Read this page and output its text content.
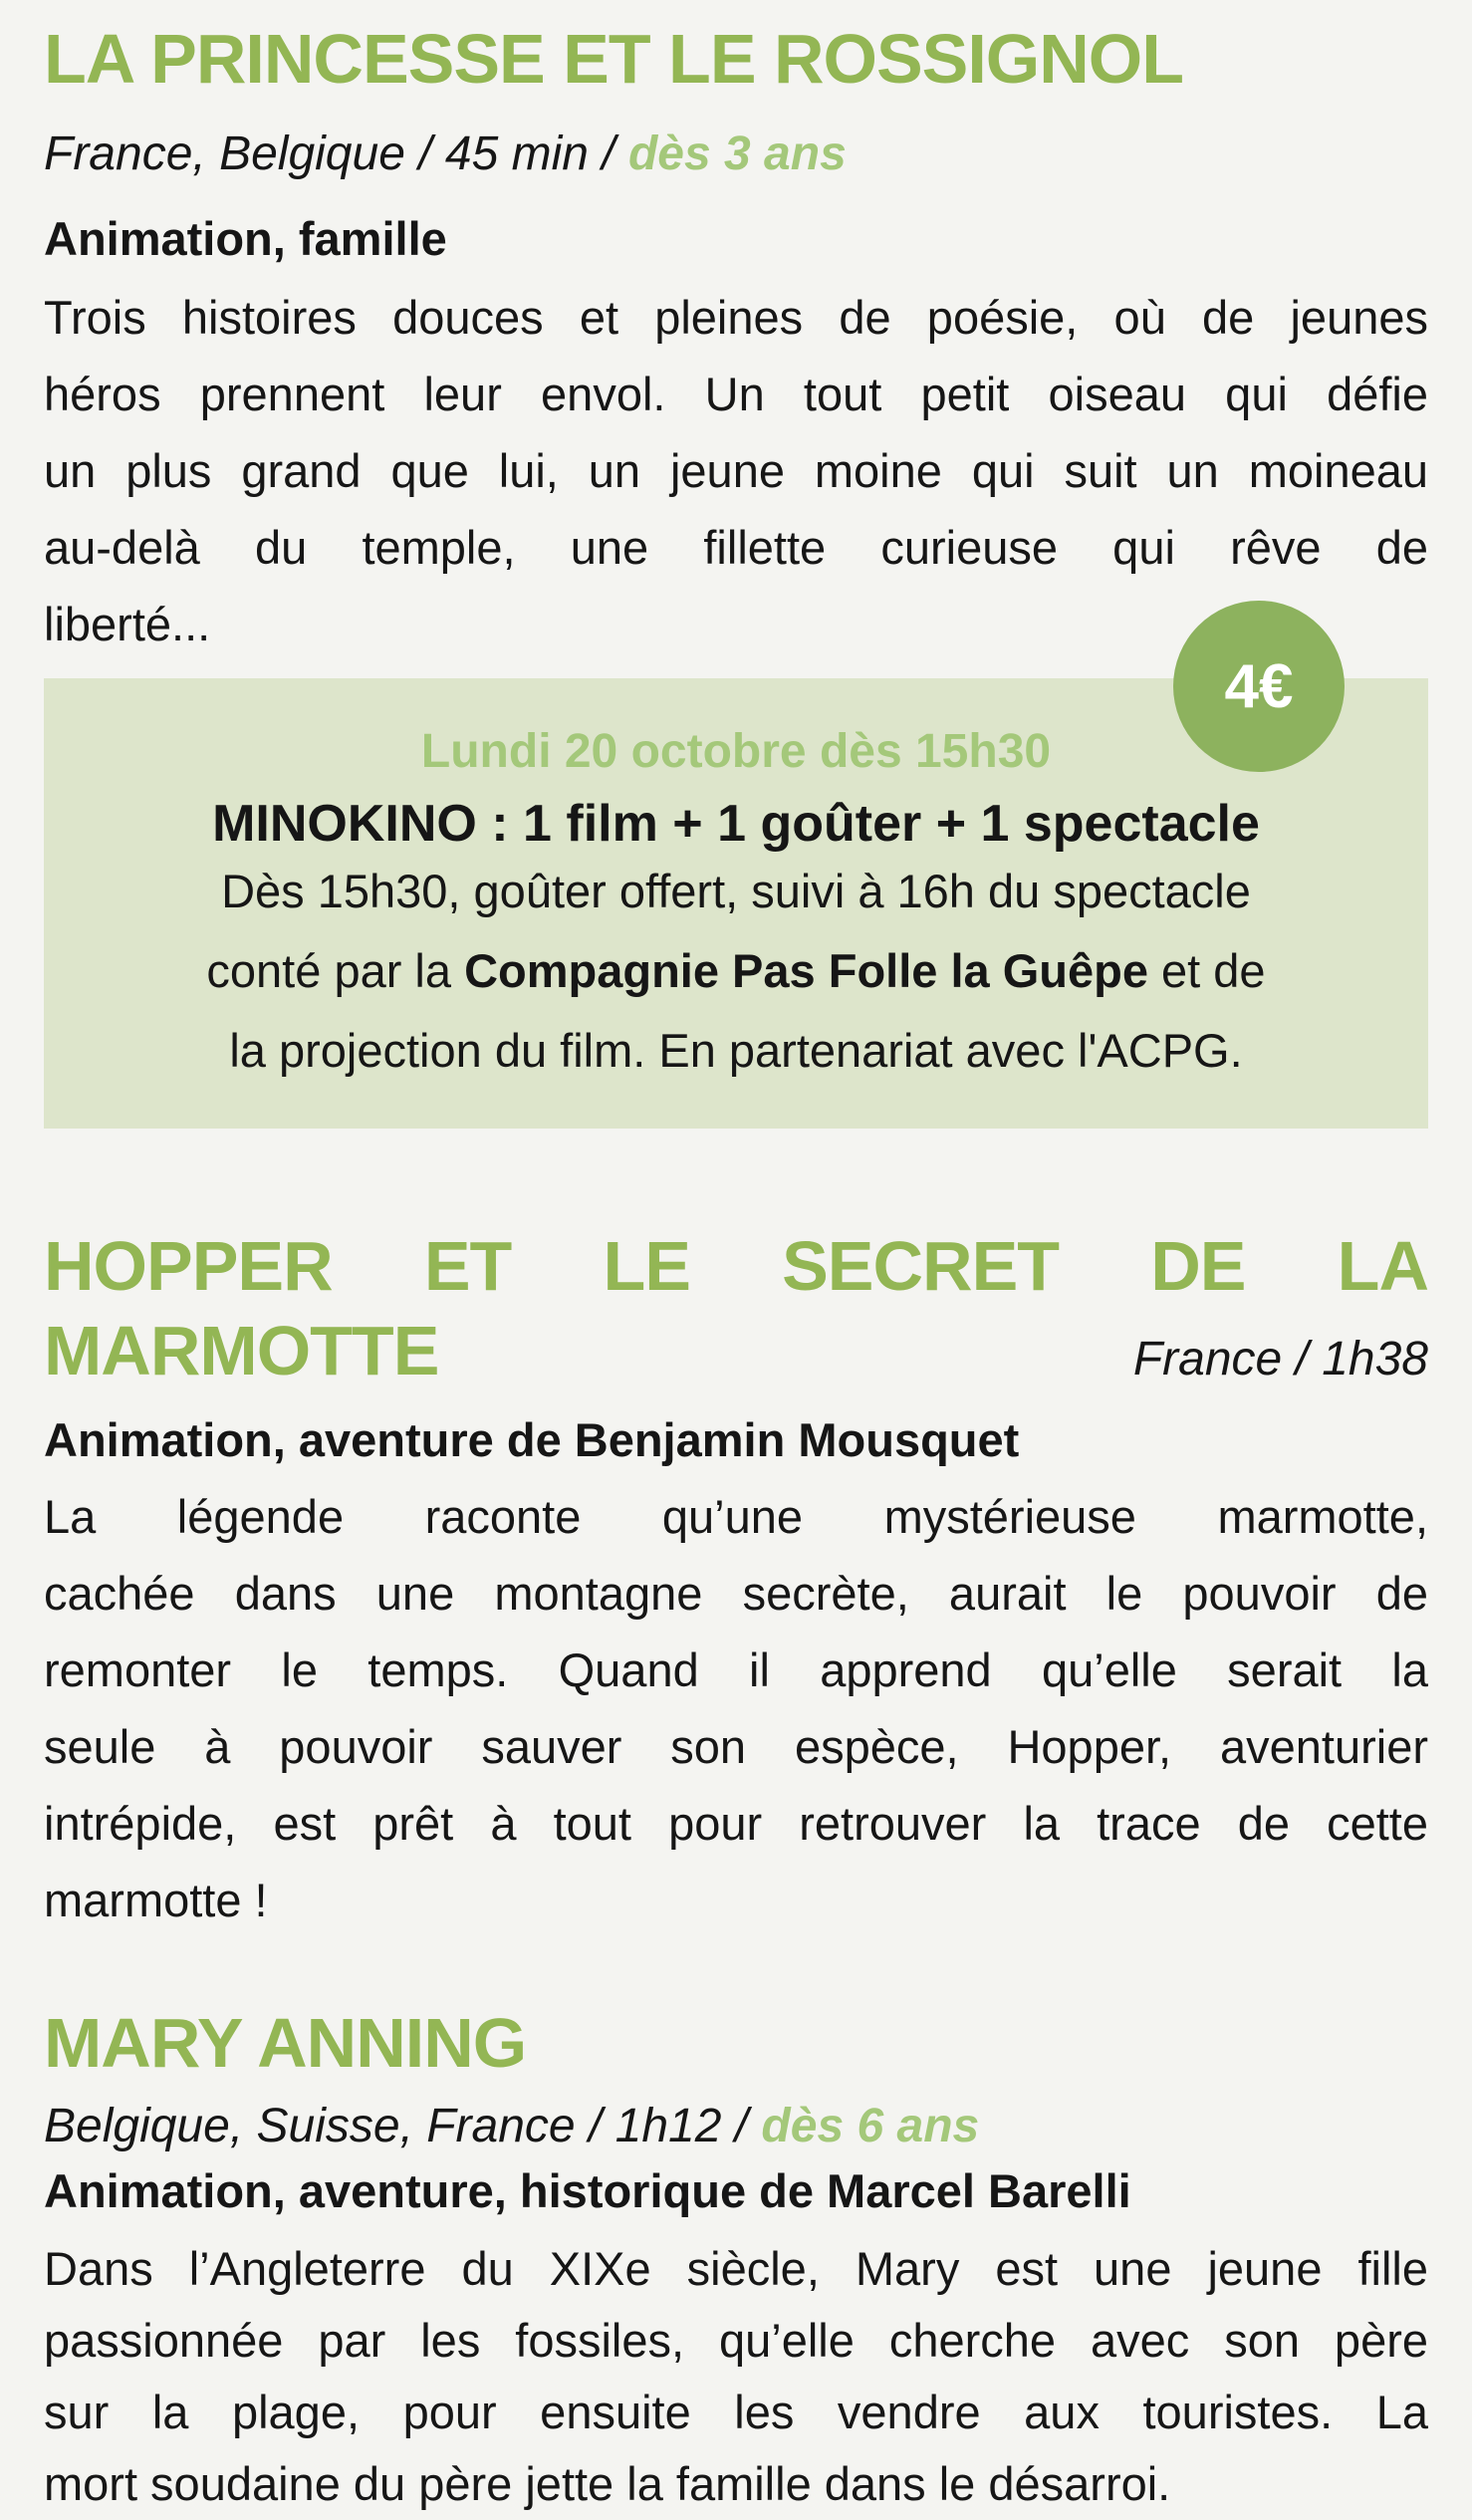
LA PRINCESSE ET LE ROSSIGNOL

France, Belgique / 45 min / dès 3 ans

Animation, famille

Trois histoires douces et pleines de poésie, où de jeunes
héros prennent leur envol. Un tout petit oiseau qui défie
un plus grand que lui, un jeune moine qui suit un moineau
au-delà du temple, une fillette curieuse qui rêve de
liberté...
4€

Lundi 20 octobre dès 15h30

MINOKINO : 1 film + 1 goûter + 1 spectacle

Dès 15h30, goûter offert, suivi à 16h du spectacle

conté par la Compagnie Pas Folle la Guêpe et de

la projection du film. En partenariat avec l'ACPG.

HOPPER ET LE SECRET DE LA
MARMOTTE	France / 1h38

Animation, aventure de Benjamin Mousquet

La légende raconte qu’une mystérieuse marmotte,
cachée dans une montagne secrète, aurait le pouvoir de
remonter le temps. Quand il apprend qu’elle serait la
seule à pouvoir sauver son espèce, Hopper, aventurier
intrépide, est prêt à tout pour retrouver la trace de cette
marmotte !
MARY ANNING

Belgique, Suisse, France / 1h12 / dès 6 ans

Animation, aventure, historique de Marcel Barelli

Dans l’Angleterre du XIXe siècle, Mary est une jeune fille
passionnée par les fossiles, qu’elle cherche avec son père
sur la plage, pour ensuite les vendre aux touristes. La
mort soudaine du père jette la famille dans le désarroi.
